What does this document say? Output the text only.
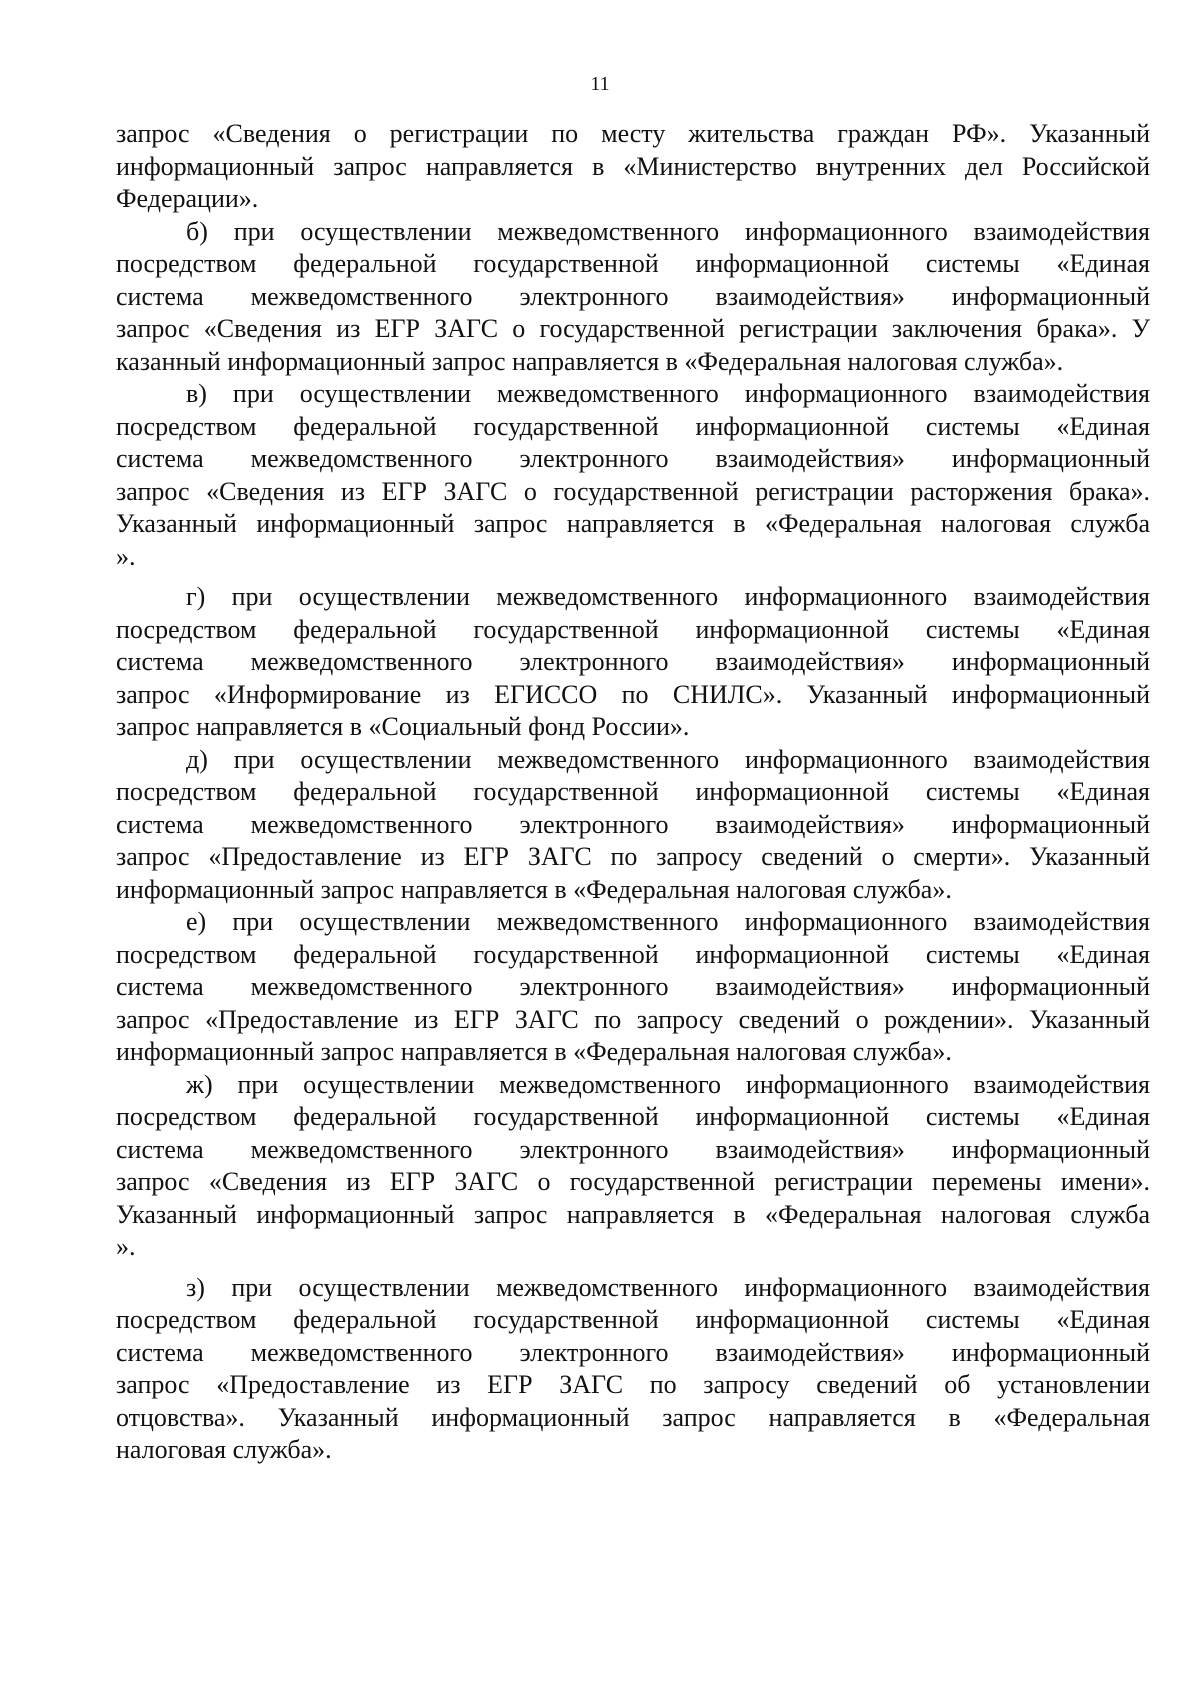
11
запрос «Сведения о регистрации по месту жительства граждан РФ». Указанный
информационный запрос направляется в «Министерство внутренних дел Российской
Федерации».
б) при осуществлении межведомственного информационного взаимодействия
посредством федеральной государственной информационной системы «Единая
система межведомственного электронного взаимодействия» информационный
запрос «Сведения из ЕГР ЗАГС о государственной регистрации заключения брака». У
казанный информационный запрос направляется в «Федеральная налоговая служба».
в) при осуществлении межведомственного информационного взаимодействия
посредством федеральной государственной информационной системы «Единая
система межведомственного электронного взаимодействия» информационный
запрос «Сведения из ЕГР ЗАГС о государственной регистрации расторжения брака».
Указанный информационный запрос направляется в «Федеральная налоговая служба
».
г) при осуществлении межведомственного информационного взаимодействия
посредством федеральной государственной информационной системы «Единая
система межведомственного электронного взаимодействия» информационный
запрос «Информирование из ЕГИССО по СНИЛС». Указанный информационный
запрос направляется в «Социальный фонд России».
д) при осуществлении межведомственного информационного взаимодействия
посредством федеральной государственной информационной системы «Единая
система межведомственного электронного взаимодействия» информационный
запрос «Предоставление из ЕГР ЗАГС по запросу сведений о смерти». Указанный
информационный запрос направляется в «Федеральная налоговая служба».
е) при осуществлении межведомственного информационного взаимодействия
посредством федеральной государственной информационной системы «Единая
система межведомственного электронного взаимодействия» информационный
запрос «Предоставление из ЕГР ЗАГС по запросу сведений о рождении». Указанный
информационный запрос направляется в «Федеральная налоговая служба».
ж) при осуществлении межведомственного информационного взаимодействия
посредством федеральной государственной информационной системы «Единая
система межведомственного электронного взаимодействия» информационный
запрос «Сведения из ЕГР ЗАГС о государственной регистрации перемены имени».
Указанный информационный запрос направляется в «Федеральная налоговая служба
».
з) при осуществлении межведомственного информационного взаимодействия
посредством федеральной государственной информационной системы «Единая
система межведомственного электронного взаимодействия» информационный
запрос «Предоставление из ЕГР ЗАГС по запросу сведений об установлении
отцовства». Указанный информационный запрос направляется в «Федеральная
налоговая служба».
